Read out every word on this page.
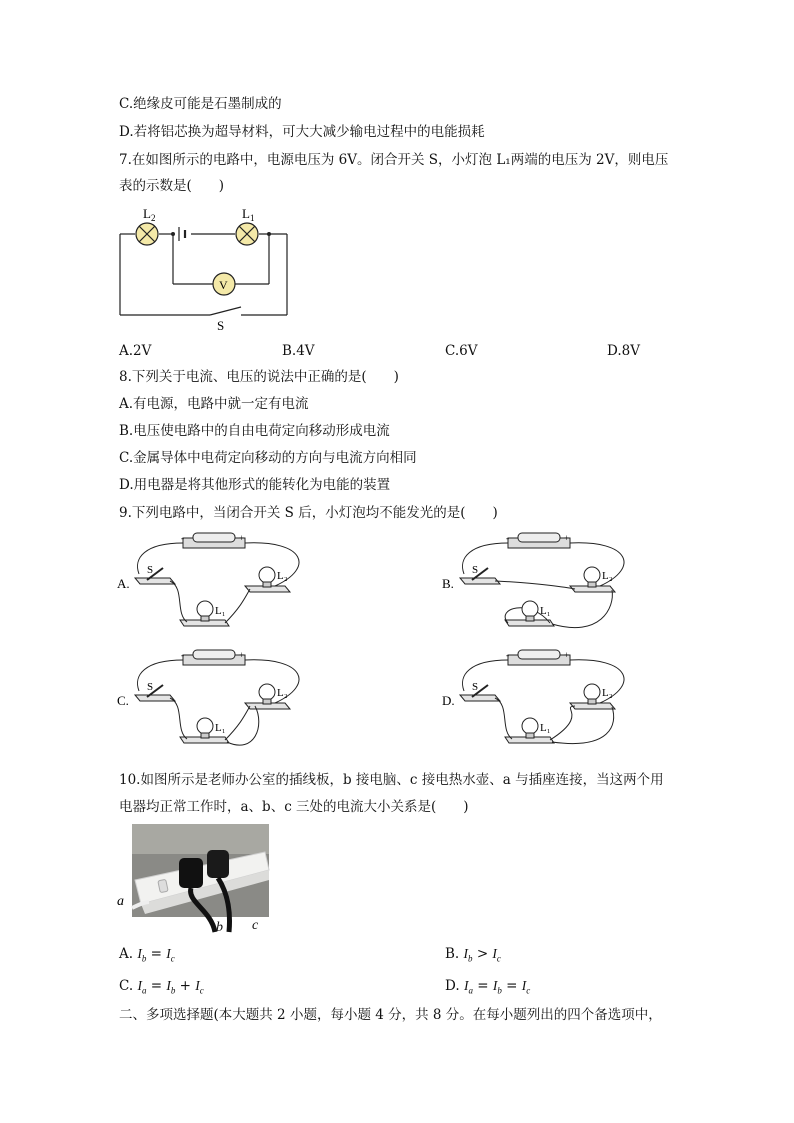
C.绝缘皮可能是石墨制成的
D.若将铝芯换为超导材料，可大大减少输电过程中的电能损耗
7.在如图所示的电路中，电源电压为 6V。闭合开关 S，小灯泡 L₁两端的电压为 2V，则电压
表的示数是(　　)
$L_2$	$L_1$
V
S
A.2V	B.4V	C.6V	D.8V
8.下列关于电流、电压的说法中正确的是(　　)
A.有电源，电路中就一定有电流
B.电压使电路中的自由电荷定向移动形成电流
C.金属导体中电荷定向移动的方向与电流方向相同
D.用电器是将其他形式的能转化为电能的装置
9.下列电路中，当闭合开关 S 后，小灯泡均不能发光的是(　　)
A.
S	L₂
L₁
-	+
B.
S	L₂
L₁
-	+
C.
S	L₂
L₁
-	+
D.
S	L₂
L₁
-	+
10.如图所示是老师办公室的插线板，b 接电脑、c 接电热水壶、a 与插座连接，当这两个用
电器均正常工作时，a、b、c 三处的电流大小关系是(　　)
a
b c
A. $I_b = I_c$	B. $I_b > I_c$
C. $I_a = I_b + I_c$	D. $I_a = I_b = I_c$
二、多项选择题(本大题共 2 小题，每小题 4 分，共 8 分。在每小题列出的四个备选项中，
